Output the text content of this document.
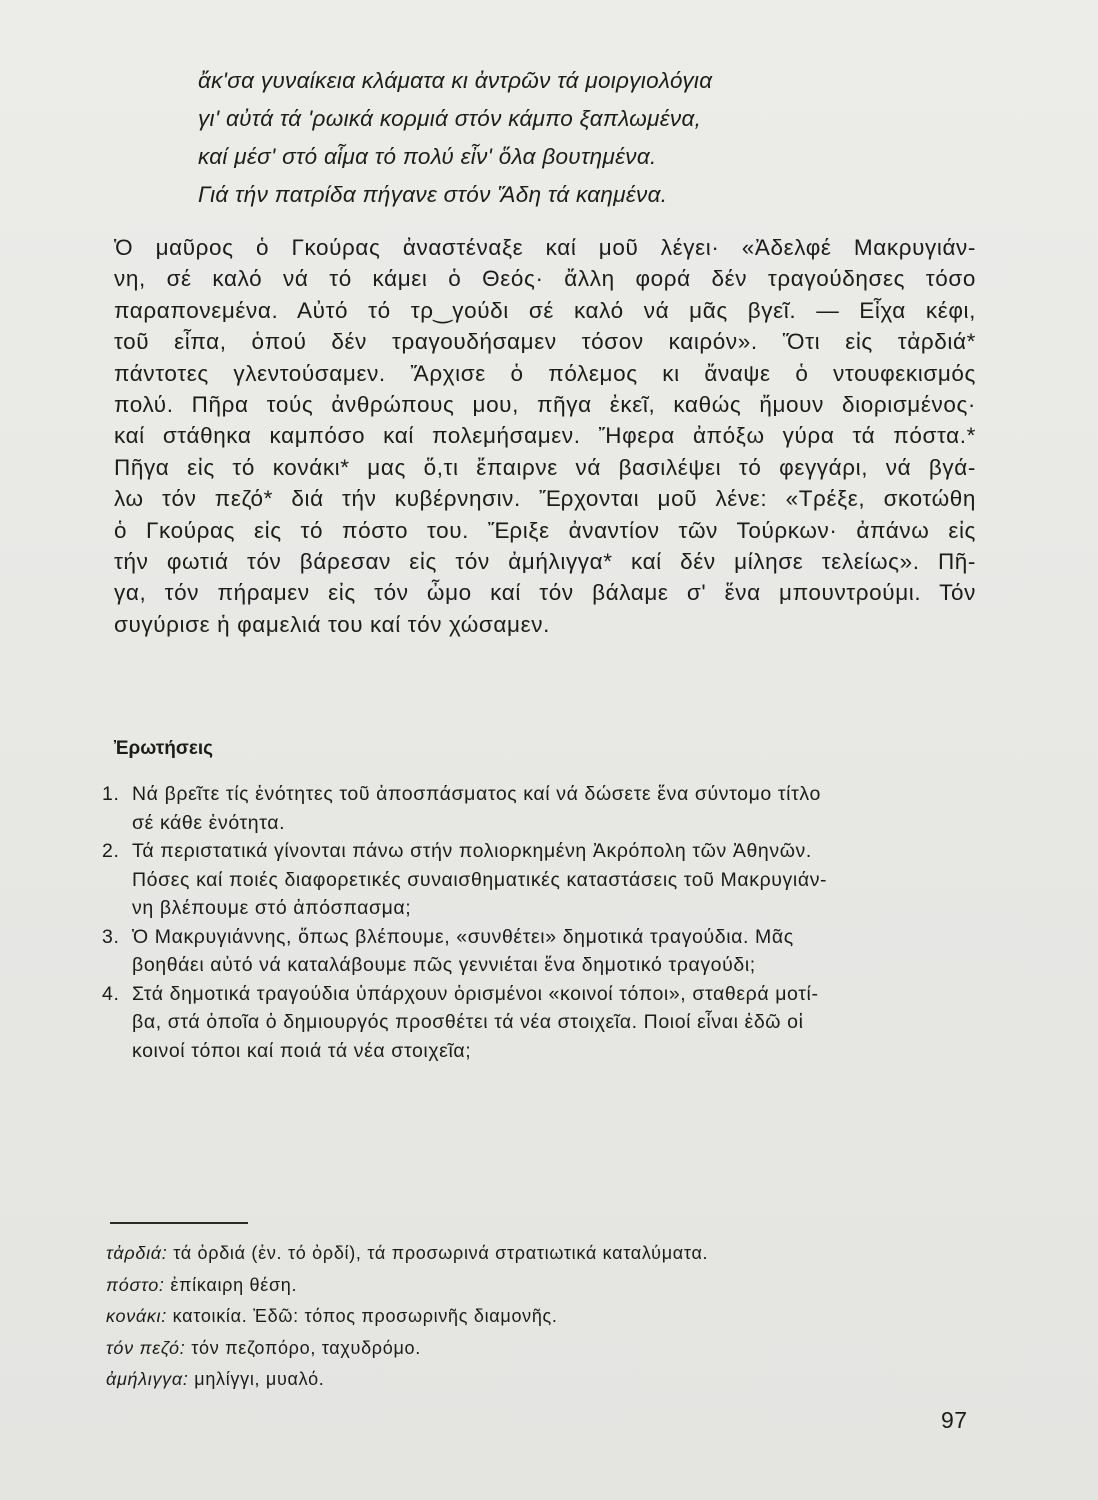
ἄκ'σα γυναίκεια κλάματα κι ἀντρῶν τά μοιργιολόγια
γι' αὐτά τά 'ρωικά κορμιά στόν κάμπο ξαπλωμένα,
καί μέσ' στό αἷμα τό πολύ εἶν' ὅλα βουτημένα.
Γιά τήν πατρίδα πήγανε στόν Ἅδη τά καημένα.
Ὁ μαῦρος ὁ Γκούρας ἀναστέναξε καί μοῦ λέγει· «Ἀδελφέ Μακρυγιάν-
νη, σέ καλό νά τό κάμει ὁ Θεός· ἄλλη φορά δέν τραγούδησες τόσο
παραπονεμένα. Αὐτό τό τρ‿γούδι σέ καλό νά μᾶς βγεῖ. — Εἶχα κέφι,
τοῦ εἶπα, ὁπού δέν τραγουδήσαμεν τόσον καιρόν». Ὅτι εἰς τἀρδιά*
πάντοτες γλεντούσαμεν. Ἄρχισε ὁ πόλεμος κι ἄναψε ὁ ντουφεκισμός
πολύ. Πῆρα τούς ἀνθρώπους μου, πῆγα ἐκεῖ, καθώς ἤμουν διορισμένος·
καί στάθηκα καμπόσο καί πολεμήσαμεν. Ἤφερα ἀπόξω γύρα τά πόστα.*
Πῆγα εἰς τό κονάκι* μας ὅ,τι ἔπαιρνε νά βασιλέψει τό φεγγάρι, νά βγά-
λω τόν πεζό* διά τήν κυβέρνησιν. Ἔρχονται μοῦ λένε: «Τρέξε, σκοτώθη
ὁ Γκούρας εἰς τό πόστο του. Ἔριξε ἀναντίον τῶν Τούρκων· ἀπάνω εἰς
τήν φωτιά τόν βάρεσαν εἰς τόν ἀμήλιγγα* καί δέν μίλησε τελείως». Πῆ-
γα, τόν πήραμεν εἰς τόν ὦμο καί τόν βάλαμε σ' ἕνα μπουντρούμι. Τόν
συγύρισε ἡ φαμελιά του καί τόν χώσαμεν.
Ἐρωτήσεις
1. Νά βρεῖτε τίς ἑνότητες τοῦ ἀποσπάσματος καί νά δώσετε ἕνα σύντομο τίτλο
σέ κάθε ἑνότητα.
2. Τά περιστατικά γίνονται πάνω στήν πολιορκημένη Ἀκρόπολη τῶν Ἀθηνῶν.
Πόσες καί ποιές διαφορετικές συναισθηματικές καταστάσεις τοῦ Μακρυγιάν-
νη βλέπουμε στό ἀπόσπασμα;
3. Ὁ Μακρυγιάννης, ὅπως βλέπουμε, «συνθέτει» δημοτικά τραγούδια. Μᾶς
βοηθάει αὐτό νά καταλάβουμε πῶς γεννιέται ἕνα δημοτικό τραγούδι;
4. Στά δημοτικά τραγούδια ὑπάρχουν ὁρισμένοι «κοινοί τόποι», σταθερά μοτί-
βα, στά ὁποῖα ὁ δημιουργός προσθέτει τά νέα στοιχεῖα. Ποιοί εἶναι ἐδῶ οἱ
κοινοί τόποι καί ποιά τά νέα στοιχεῖα;
τἀρδιά: τά ὀρδιά (ἑν. τό ὀρδί), τά προσωρινά στρατιωτικά καταλύματα.
πόστο: ἐπίκαιρη θέση.
κονάκι: κατοικία. Ἐδῶ: τόπος προσωρινῆς διαμονῆς.
τόν πεζό: τόν πεζοπόρο, ταχυδρόμο.
ἀμήλιγγα: μηλίγγι, μυαλό.
97
